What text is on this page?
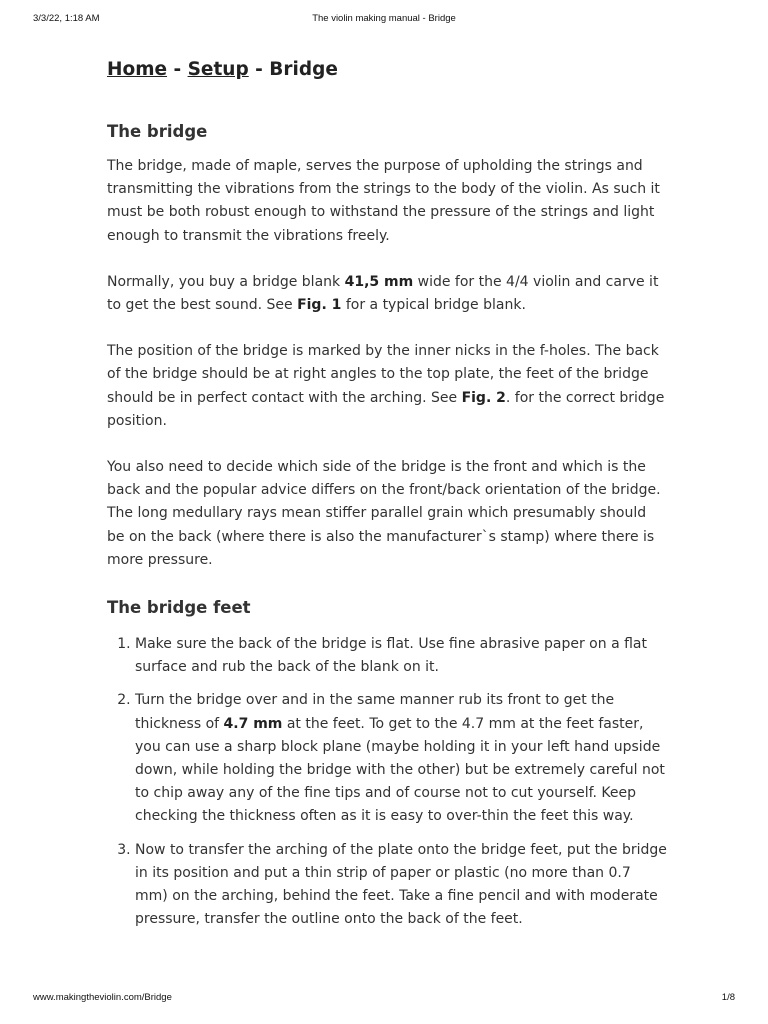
3/3/22, 1:18 AM	The violin making manual - Bridge
Home - Setup - Bridge
The bridge

The bridge, made of maple, serves the purpose of upholding the strings and transmitting the vibrations from the strings to the body of the violin. As such it must be both robust enough to withstand the pressure of the strings and light enough to transmit the vibrations freely.

Normally, you buy a bridge blank 41,5 mm wide for the 4/4 violin and carve it to get the best sound. See Fig. 1 for a typical bridge blank.

The position of the bridge is marked by the inner nicks in the f-holes. The back of the bridge should be at right angles to the top plate, the feet of the bridge should be in perfect contact with the arching. See Fig. 2. for the correct bridge position.

You also need to decide which side of the bridge is the front and which is the back and the popular advice differs on the front/back orientation of the bridge. The long medullary rays mean stiffer parallel grain which presumably should be on the back (where there is also the manufacturer`s stamp) where there is more pressure.

The bridge feet
1. Make sure the back of the bridge is flat. Use fine abrasive paper on a flat surface and rub the back of the blank on it.
2. Turn the bridge over and in the same manner rub its front to get the thickness of 4.7 mm at the feet. To get to the 4.7 mm at the feet faster, you can use a sharp block plane (maybe holding it in your left hand upside down, while holding the bridge with the other) but be extremely careful not to chip away any of the fine tips and of course not to cut yourself. Keep checking the thickness often as it is easy to over-thin the feet this way.
3. Now to transfer the arching of the plate onto the bridge feet, put the bridge in its position and put a thin strip of paper or plastic (no more than 0.7 mm) on the arching, behind the feet. Take a fine pencil and with moderate pressure, transfer the outline onto the back of the feet.
www.makingtheviolin.com/Bridge	1/8
